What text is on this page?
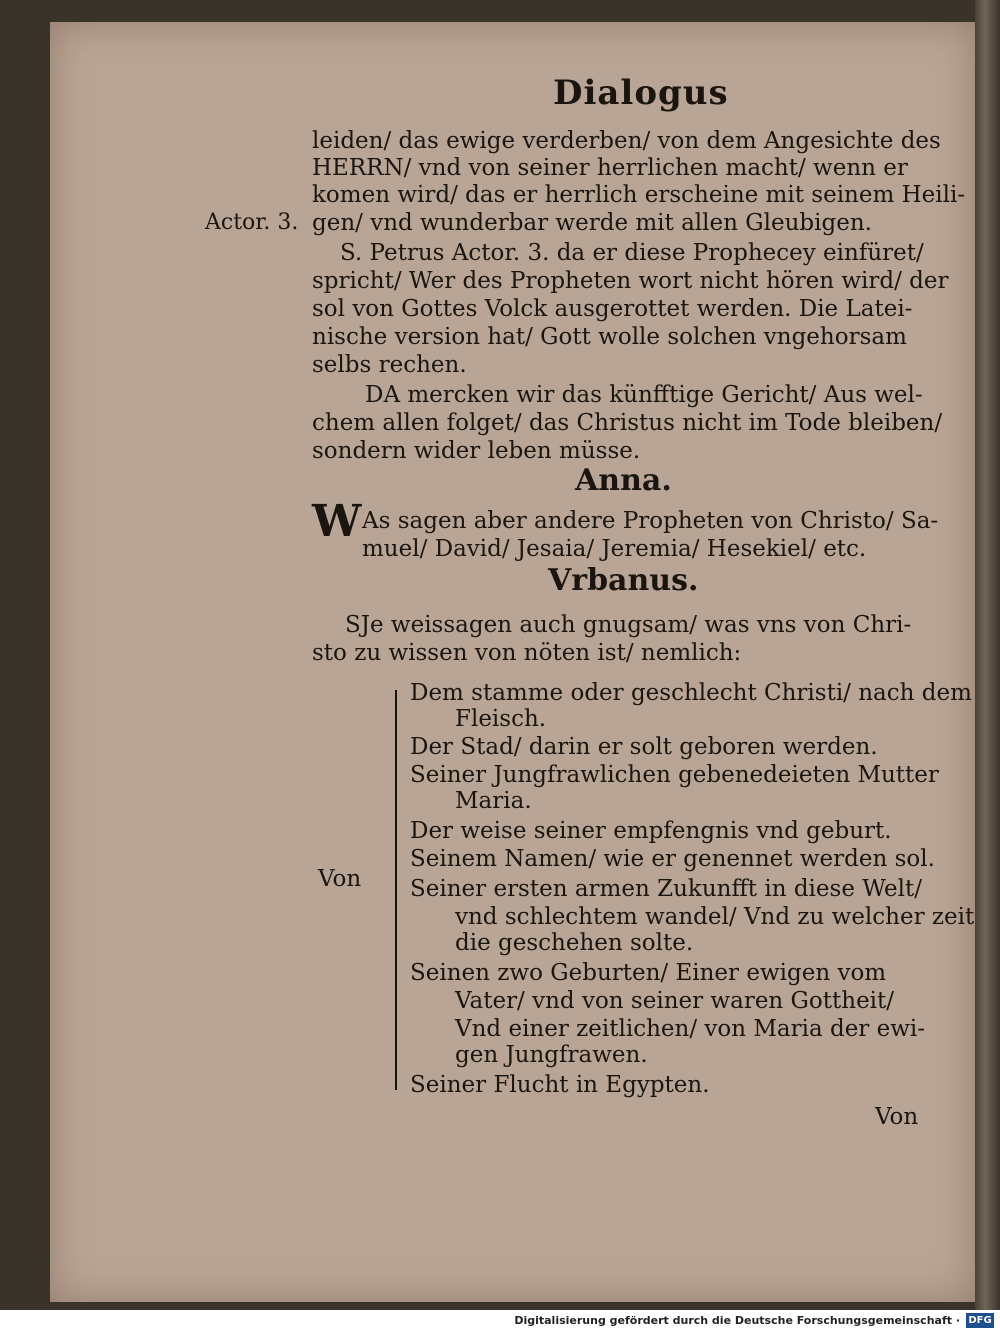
Dialogus
leiden/ das ewige verderben/ von dem Angesichte des
HERRN/ vnd von seiner herrlichen macht/ wenn er
komen wird/ das er herrlich erscheine mit seinem Heili-
Actor. 3. gen/ vnd wunderbar werde mit allen Gleubigen.
S. Petrus Actor. 3. da er diese Prophecey einfüret/
spricht/ Wer des Propheten wort nicht hören wird/ der
sol von Gottes Volck ausgerottet werden. Die Latei-
nische version hat/ Gott wolle solchen vngehorsam
selbs rechen.
DA mercken wir das künfftige Gericht/ Aus wel-
chem allen folget/ das Christus nicht im Tode bleiben/
sondern wider leben müsse.
Anna.
W As sagen aber andere Propheten von Christo/ Sa-
muel/ David/ Jesaia/ Jeremia/ Hesekiel/ etc.
Vrbanus.
SJe weissagen auch gnugsam/ was vns von Chri-
sto zu wissen von nöten ist/ nemlich:
Von
Dem stamme oder geschlecht Christi/ nach dem
Fleisch.
Der Stad/ darin er solt geboren werden.
Seiner Jungfrawlichen gebenedeieten Mutter
Maria.
Der weise seiner empfengnis vnd geburt.
Seinem Namen/ wie er genennet werden sol.
Seiner ersten armen Zukunfft in diese Welt/
vnd schlechtem wandel/ Vnd zu welcher zeit
die geschehen solte.
Seinen zwo Geburten/ Einer ewigen vom
Vater/ vnd von seiner waren Gottheit/
Vnd einer zeitlichen/ von Maria der ewi-
gen Jungfrawen.
Seiner Flucht in Egypten.
Von
Digitalisierung gefördert durch die Deutsche Forschungsgemeinschaft · DFG
